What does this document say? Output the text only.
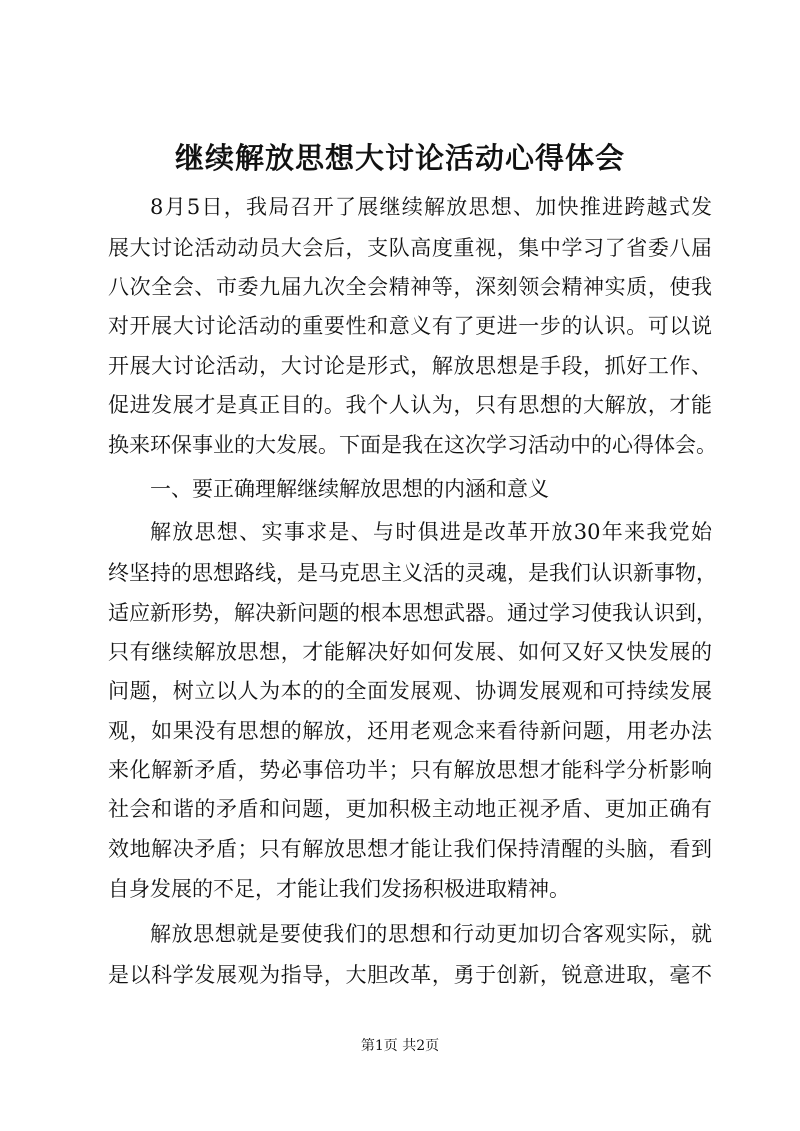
继续解放思想大讨论活动心得体会
8月5日，我局召开了展继续解放思想、加快推进跨越式发
展大讨论活动动员大会后，支队高度重视，集中学习了省委八届
八次全会、市委九届九次全会精神等，深刻领会精神实质，使我
对开展大讨论活动的重要性和意义有了更进一步的认识。可以说
开展大讨论活动，大讨论是形式，解放思想是手段，抓好工作、
促进发展才是真正目的。我个人认为，只有思想的大解放，才能
换来环保事业的大发展。下面是我在这次学习活动中的心得体会。
一、要正确理解继续解放思想的内涵和意义
解放思想、实事求是、与时俱进是改革开放30年来我党始
终坚持的思想路线，是马克思主义活的灵魂，是我们认识新事物，
适应新形势，解决新问题的根本思想武器。通过学习使我认识到，
只有继续解放思想，才能解决好如何发展、如何又好又快发展的
问题，树立以人为本的的全面发展观、协调发展观和可持续发展
观，如果没有思想的解放，还用老观念来看待新问题，用老办法
来化解新矛盾，势必事倍功半；只有解放思想才能科学分析影响
社会和谐的矛盾和问题，更加积极主动地正视矛盾、更加正确有
效地解决矛盾；只有解放思想才能让我们保持清醒的头脑，看到
自身发展的不足，才能让我们发扬积极进取精神。
解放思想就是要使我们的思想和行动更加切合客观实际，就
是以科学发展观为指导，大胆改革，勇于创新，锐意进取，毫不
第1页 共2页
